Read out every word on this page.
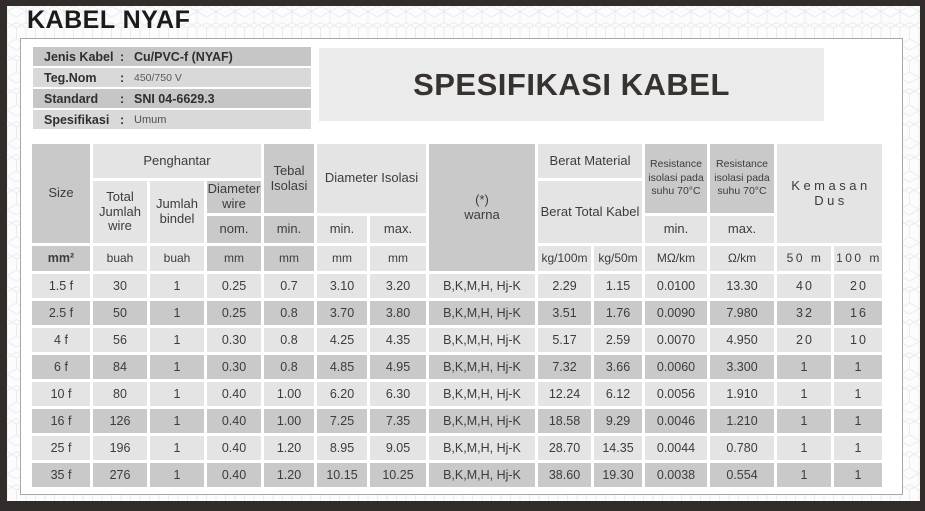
KABEL NYAF
Jenis Kabel : Cu/PVC-f (NYAF)
Teg.Nom	: 450/750 V
Standard	: SNI 04-6629.3
Spesifikasi : Umum
SPESIFIKASI KABEL
Size
Penghantar
Total Jumlah wire
Jumlah bindel
Diameter wire
nom.
Tebal Isolasi
min.
Diameter Isolasi
min.	max.
(*)
warna
Berat Material
Berat Total Kabel
Resistance isolasi pada suhu 70°C
Resistance isolasi pada suhu 70°C
min.	max.
Kemasan Dus
mm²	buah	buah	mm	mm	mm	mm	kg/100m kg/50m	MΩ/km	Ω/km	50 m	100 m
1.5 f	30	1	0.25	0.7	3.10	3.20	B,K,M,H, Hj-K	2.29	1.15	0.0100	13.30	40	20
2.5 f	50	1	0.25	0.8	3.70	3.80	B,K,M,H, Hj-K	3.51	1.76	0.0090	7.980	32	16
4 f	56	1	0.30	0.8	4.25	4.35	B,K,M,H, Hj-K	5.17	2.59	0.0070	4.950	20	10
6 f	84	1	0.30	0.8	4.85	4.95	B,K,M,H, Hj-K	7.32	3.66	0.0060	3.300	1	1
10 f	80	1	0.40	1.00	6.20	6.30	B,K,M,H, Hj-K	12.24	6.12	0.0056	1.910	1	1
16 f	126	1	0.40	1.00	7.25	7.35	B,K,M,H, Hj-K	18.58	9.29	0.0046	1.210	1	1
25 f	196	1	0.40	1.20	8.95	9.05	B,K,M,H, Hj-K	28.70	14.35	0.0044	0.780	1	1
35 f	276	1	0.40	1.20	10.15	10.25	B,K,M,H, Hj-K	38.60	19.30	0.0038	0.554	1	1
